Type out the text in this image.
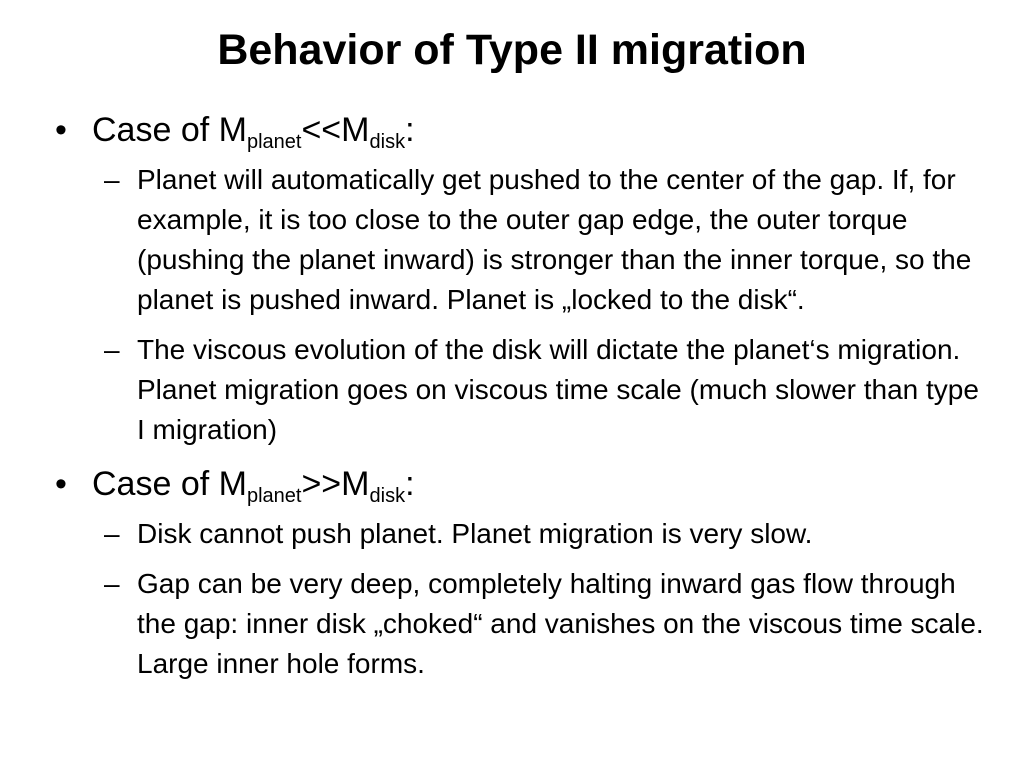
Behavior of Type II migration
• Case of $M_{planet}<<M_{disk}$:
– Planet will automatically get pushed to the center of the gap. If, for example, it is too close to the outer gap edge, the outer torque (pushing the planet inward) is stronger than the inner torque, so the planet is pushed inward. Planet is „locked to the disk“.
– The viscous evolution of the disk will dictate the planet‘s migration. Planet migration goes on viscous time scale (much slower than type I migration)
• Case of $M_{planet}>>M_{disk}$:
– Disk cannot push planet. Planet migration is very slow.
– Gap can be very deep, completely halting inward gas flow through the gap: inner disk „choked“ and vanishes on the viscous time scale. Large inner hole forms.
